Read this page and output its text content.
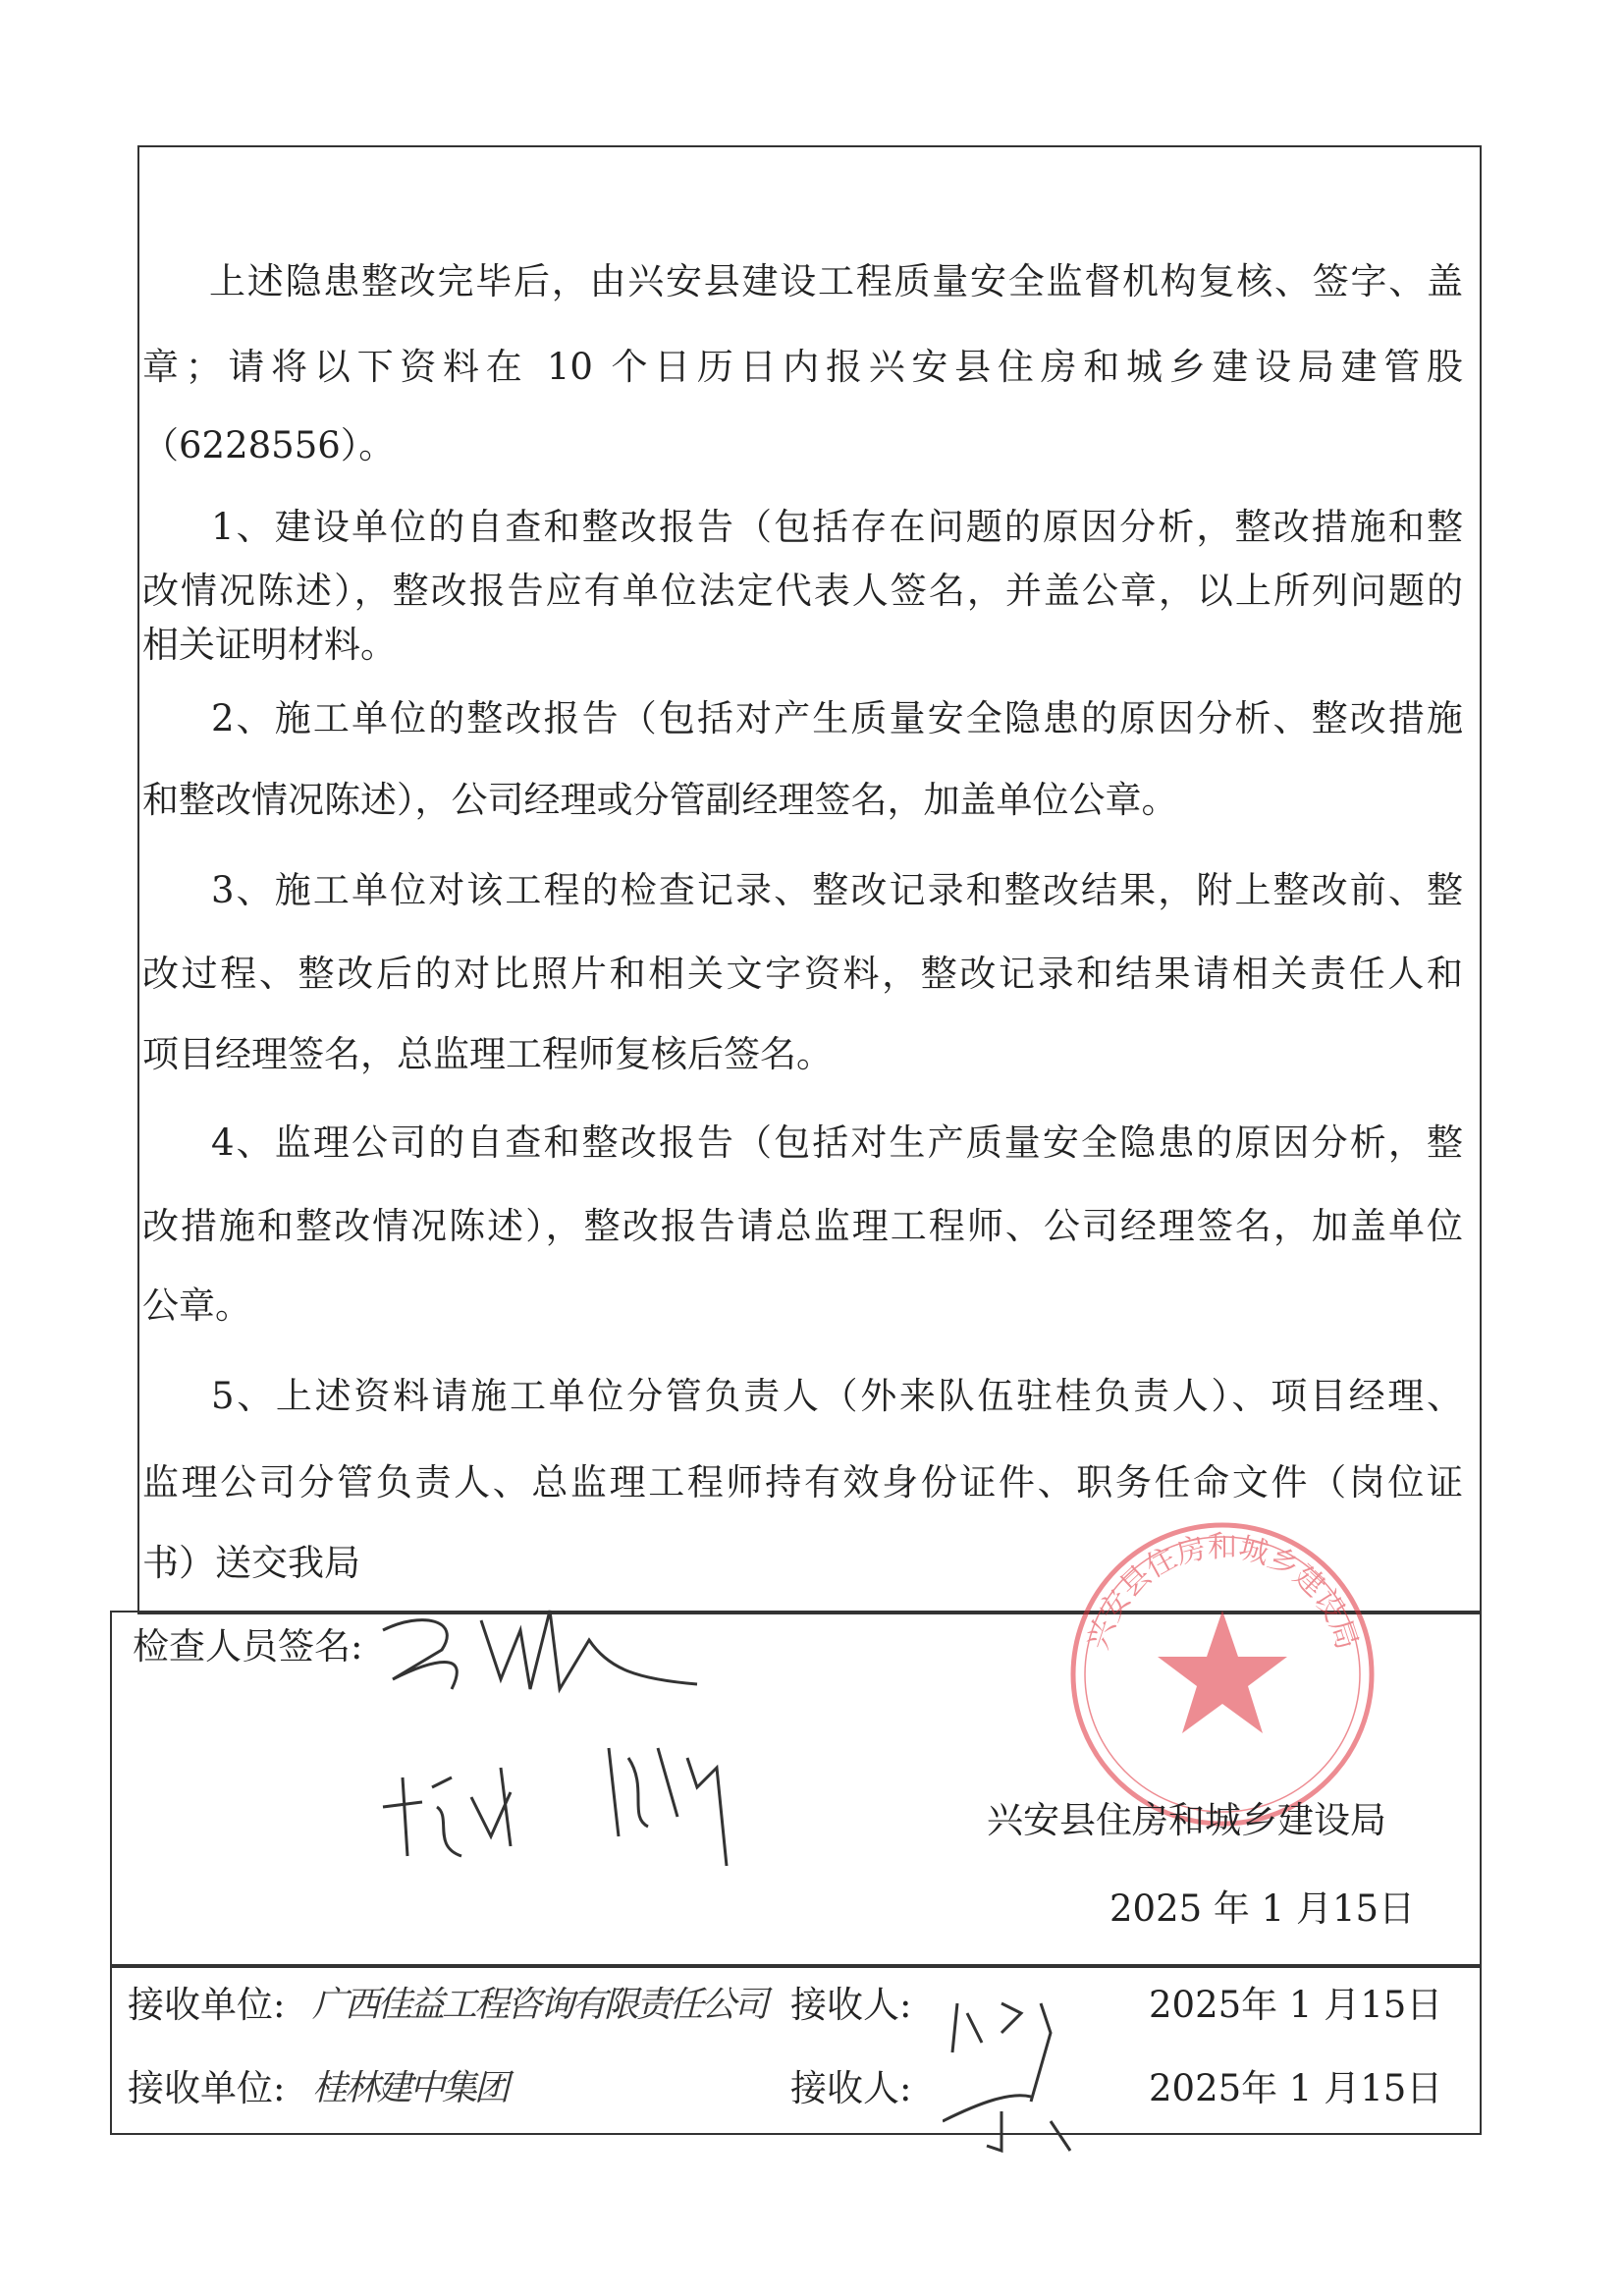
上述隐患整改完毕后，由兴安县建设工程质量安全监督机构复核、签字、盖
章；请将以下资料在 10 个日历日内报兴安县住房和城乡建设局建管股
（6228556）。
1、建设单位的自查和整改报告（包括存在问题的原因分析，整改措施和整
改情况陈述），整改报告应有单位法定代表人签名，并盖公章，以上所列问题的
相关证明材料。
2、施工单位的整改报告（包括对产生质量安全隐患的原因分析、整改措施
和整改情况陈述），公司经理或分管副经理签名，加盖单位公章。
3、施工单位对该工程的检查记录、整改记录和整改结果，附上整改前、整
改过程、整改后的对比照片和相关文字资料，整改记录和结果请相关责任人和
项目经理签名，总监理工程师复核后签名。
4、监理公司的自查和整改报告（包括对生产质量安全隐患的原因分析，整
改措施和整改情况陈述），整改报告请总监理工程师、公司经理签名，加盖单位
公章。
5、上述资料请施工单位分管负责人（外来队伍驻桂负责人）、项目经理、
监理公司分管负责人、总监理工程师持有效身份证件、职务任命文件（岗位证
书）送交我局
检查人员签名:	兴安县住房和城乡建设局
兴安县住房和城乡建设局
2025 年 1 月15日
接收单位: 广西佳益工程咨询有限责任公司 接收人:	2025年 1 月15日
接收单位: 桂林建中集团	接收人:	2025年 1 月15日
